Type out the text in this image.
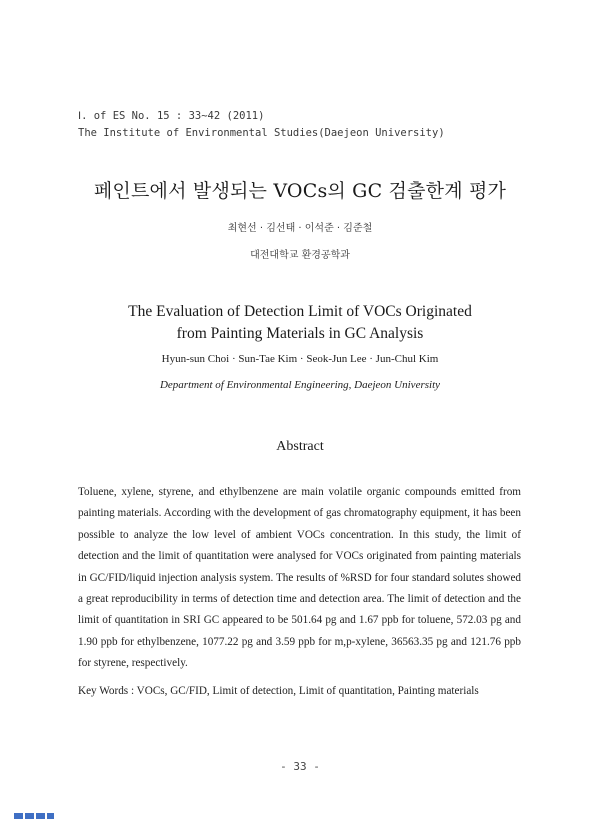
Ⅰ. of ES No. 15 : 33~42 (2011)
The Institute of Environmental Studies(Daejeon University)
페인트에서 발생되는 VOCs의 GC 검출한계 평가
최현선 · 김선태 · 이석준 · 김준철
대전대학교 환경공학과
The Evaluation of Detection Limit of VOCs Originated
from Painting Materials in GC Analysis
Hyun-sun Choi · Sun-Tae Kim · Seok-Jun Lee · Jun-Chul Kim
Department of Environmental Engineering, Daejeon University
Abstract
Toluene, xylene, styrene, and ethylbenzene are main volatile organic compounds emitted from painting materials. According with the development of gas chromatography equipment, it has been possible to analyze the low level of ambient VOCs concentration. In this study, the limit of detection and the limit of quantitation were analysed for VOCs originated from painting materials in GC/FID/liquid injection analysis system. The results of %RSD for four standard solutes showed a great reproducibility in terms of detection time and detection area. The limit of detection and the limit of quantitation in SRI GC appeared to be 501.64 pg and 1.67 ppb for toluene, 572.03 pg and 1.90 ppb for ethylbenzene, 1077.22 pg and 3.59 ppb for m,p-xylene, 36563.35 pg and 121.76 ppb for styrene, respectively.
Key Words : VOCs, GC/FID, Limit of detection, Limit of quantitation, Painting materials
- 33 -
